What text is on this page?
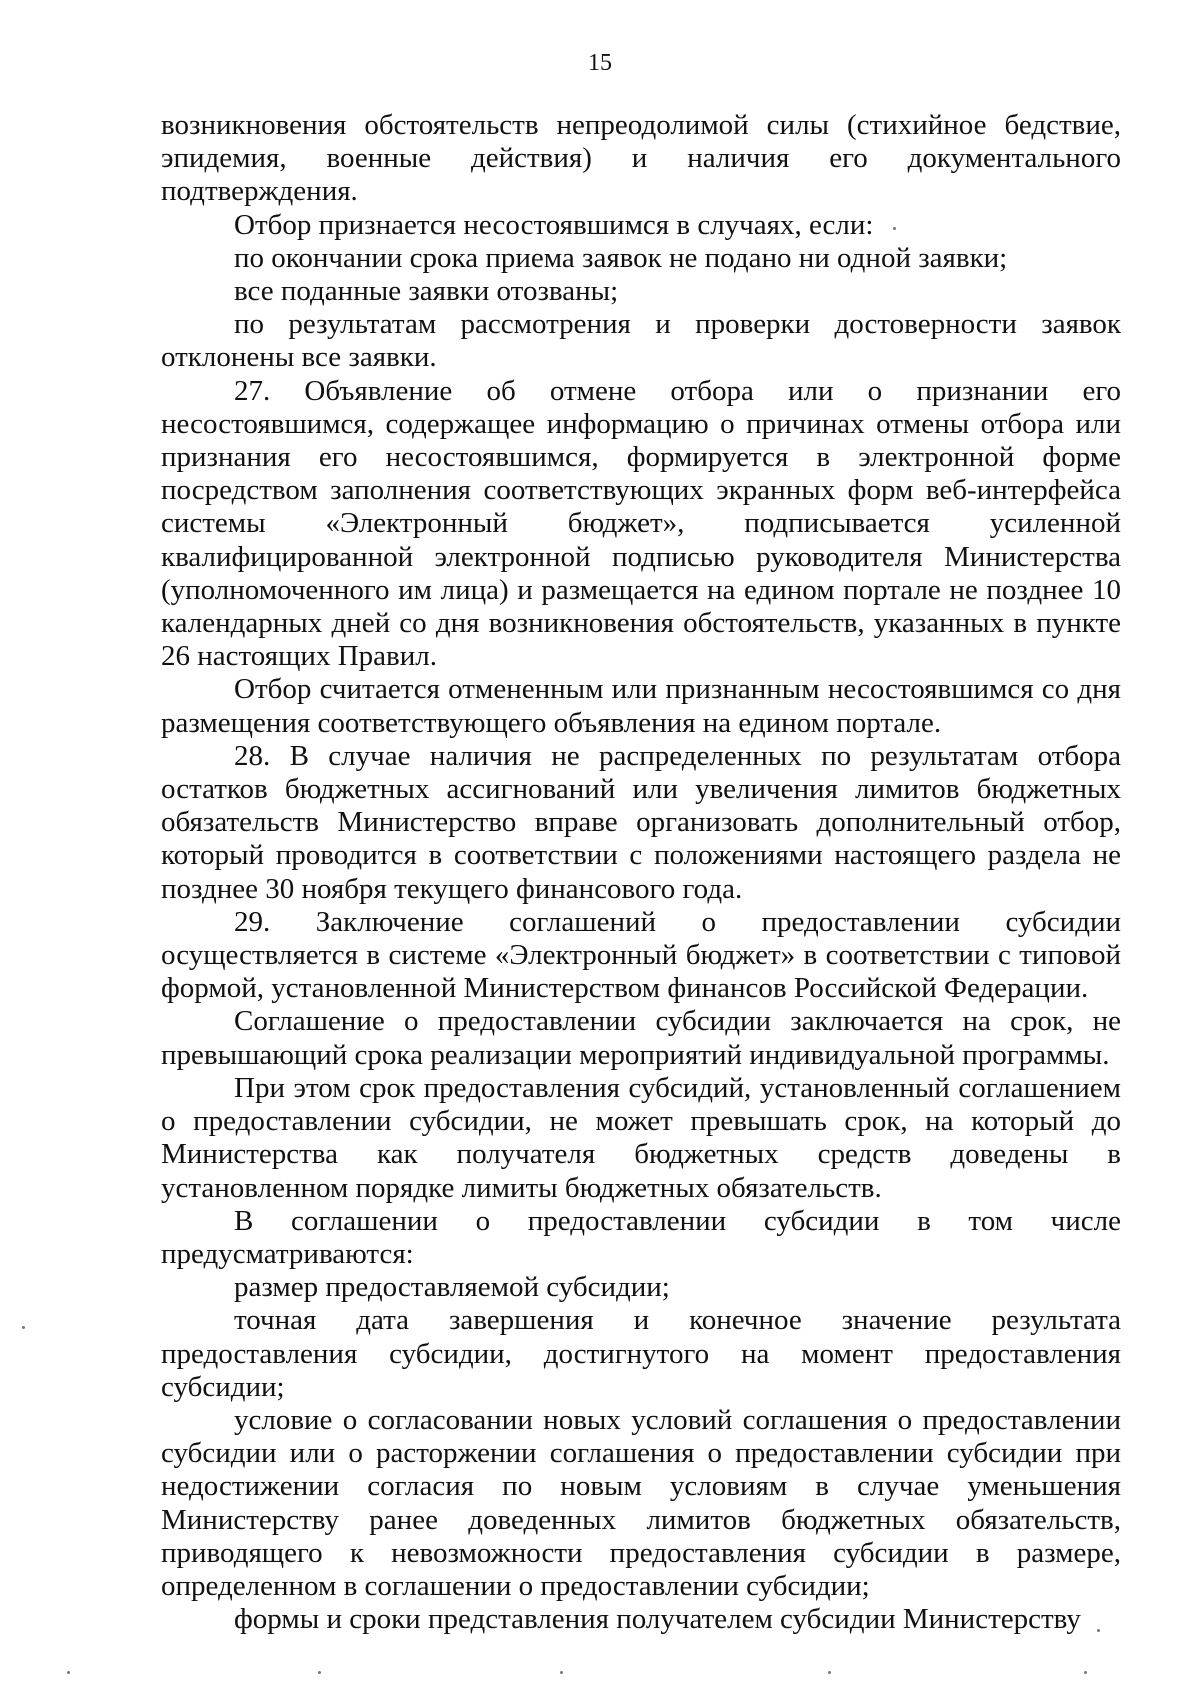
15

возникновения обстоятельств непреодолимой силы (стихийное бедствие, эпидемия, военные действия) и наличия его документального подтверждения.

Отбор признается несостоявшимся в случаях, если:

по окончании срока приема заявок не подано ни одной заявки;

все поданные заявки отозваны;

по результатам рассмотрения и проверки достоверности заявок отклонены все заявки.

27. Объявление об отмене отбора или о признании его несостоявшимся, содержащее информацию о причинах отмены отбора или признания его несостоявшимся, формируется в электронной форме посредством заполнения соответствующих экранных форм веб-интерфейса системы «Электронный бюджет», подписывается усиленной квалифицированной электронной подписью руководителя Министерства (уполномоченного им лица) и размещается на едином портале не позднее 10 календарных дней со дня возникновения обстоятельств, указанных в пункте 26 настоящих Правил.

Отбор считается отмененным или признанным несостоявшимся со дня размещения соответствующего объявления на едином портале.

28. В случае наличия не распределенных по результатам отбора остатков бюджетных ассигнований или увеличения лимитов бюджетных обязательств Министерство вправе организовать дополнительный отбор, который проводится в соответствии с положениями настоящего раздела не позднее 30 ноября текущего финансового года.

29. Заключение соглашений о предоставлении субсидии осуществляется в системе «Электронный бюджет» в соответствии с типовой формой, установленной Министерством финансов Российской Федерации.

Соглашение о предоставлении субсидии заключается на срок, не превышающий срока реализации мероприятий индивидуальной программы.

При этом срок предоставления субсидий, установленный соглашением о предоставлении субсидии, не может превышать срок, на который до Министерства как получателя бюджетных средств доведены в установленном порядке лимиты бюджетных обязательств.

В соглашении о предоставлении субсидии в том числе предусматриваются:

размер предоставляемой субсидии;

точная дата завершения и конечное значение результата предоставления субсидии, достигнутого на момент предоставления субсидии;

условие о согласовании новых условий соглашения о предоставлении субсидии или о расторжении соглашения о предоставлении субсидии при недостижении согласия по новым условиям в случае уменьшения Министерству ранее доведенных лимитов бюджетных обязательств, приводящего к невозможности предоставления субсидии в размере, определенном в соглашении о предоставлении субсидии;

формы и сроки представления получателем субсидии Министерству
